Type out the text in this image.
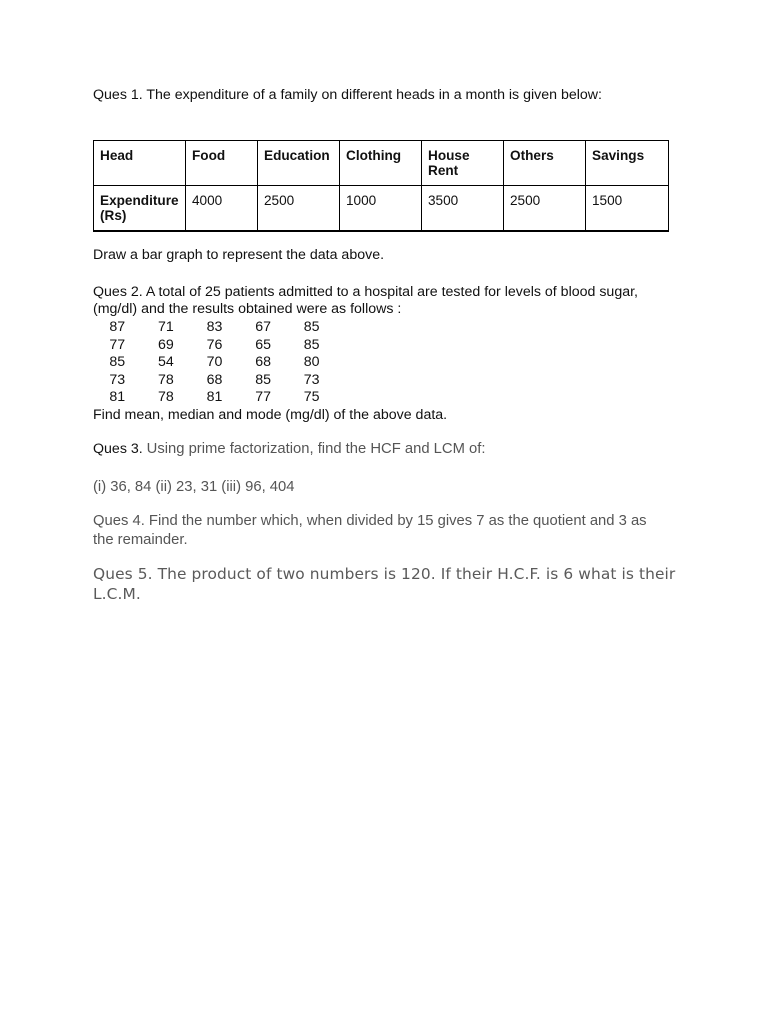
Ques 1. The expenditure of a family on different heads in a month is given below:
Head	Food	Education	Clothing	House Rent	Others	Savings
Expenditure(Rs)	4000	2500	1000	3500	2500	1500
Draw a bar graph to represent the data above.
Ques 2. A total of 25 patients admitted to a hospital are tested for levels of blood sugar,
(mg/dl) and the results obtained were as follows :
87	71	83	67	85
77	69	76	65	85
85	54	70	68	80
73	78	68	85	73
81	78	81	77	75
Find mean, median and mode (mg/dl) of the above data.
Ques 3. Using prime factorization, find the HCF and LCM of:
(i) 36, 84 (ii) 23, 31 (iii) 96, 404
Ques 4. Find the number which, when divided by 15 gives 7 as the quotient and 3 as
the remainder.
Ques 5. The product of two numbers is 120. If their H.C.F. is 6 what is their
L.C.M.
